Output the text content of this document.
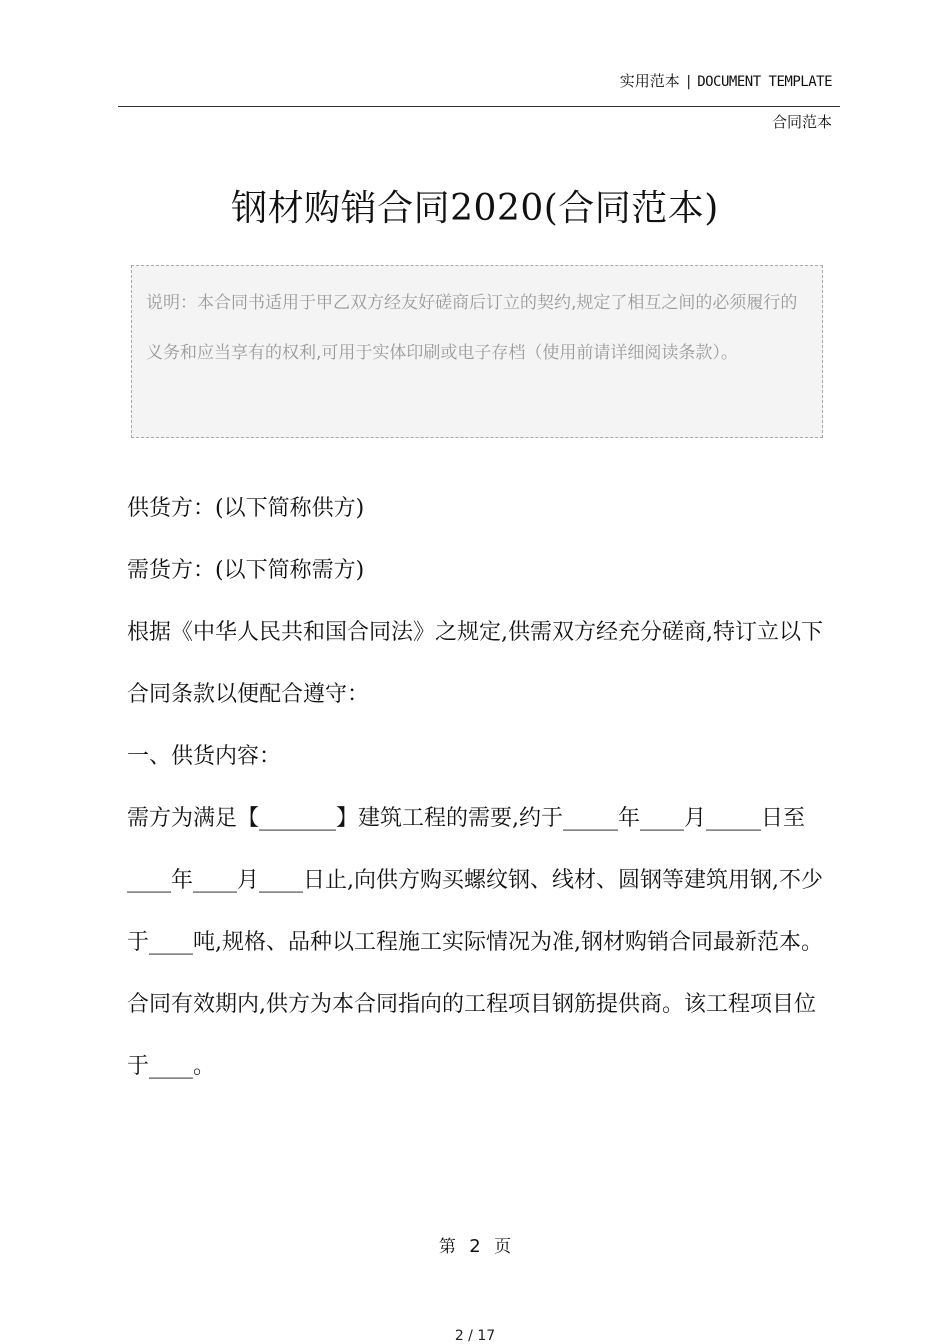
实用范本 | DOCUMENT TEMPLATE
合同范本
钢材购销合同2020(合同范本)
说明：本合同书适用于甲乙双方经友好磋商后订立的契约,规定了相互之间的必须履行的义务和应当享有的权利,可用于实体印刷或电子存档（使用前请详细阅读条款）。

供货方：(以下简称供方)

需货方：(以下简称需方)

根据《中华人民共和国合同法》之规定,供需双方经充分磋商,特订立以下合同条款以便配合遵守：

一、供货内容：

需方为满足【_______】建筑工程的需要,约于_____年____月_____日至____年____月____日止,向供方购买螺纹钢、线材、圆钢等建筑用钢,不少于____吨,规格、品种以工程施工实际情况为准,钢材购销合同最新范本。

合同有效期内,供方为本合同指向的工程项目钢筋提供商。该工程项目位于____。

第 2 页
2 / 17
